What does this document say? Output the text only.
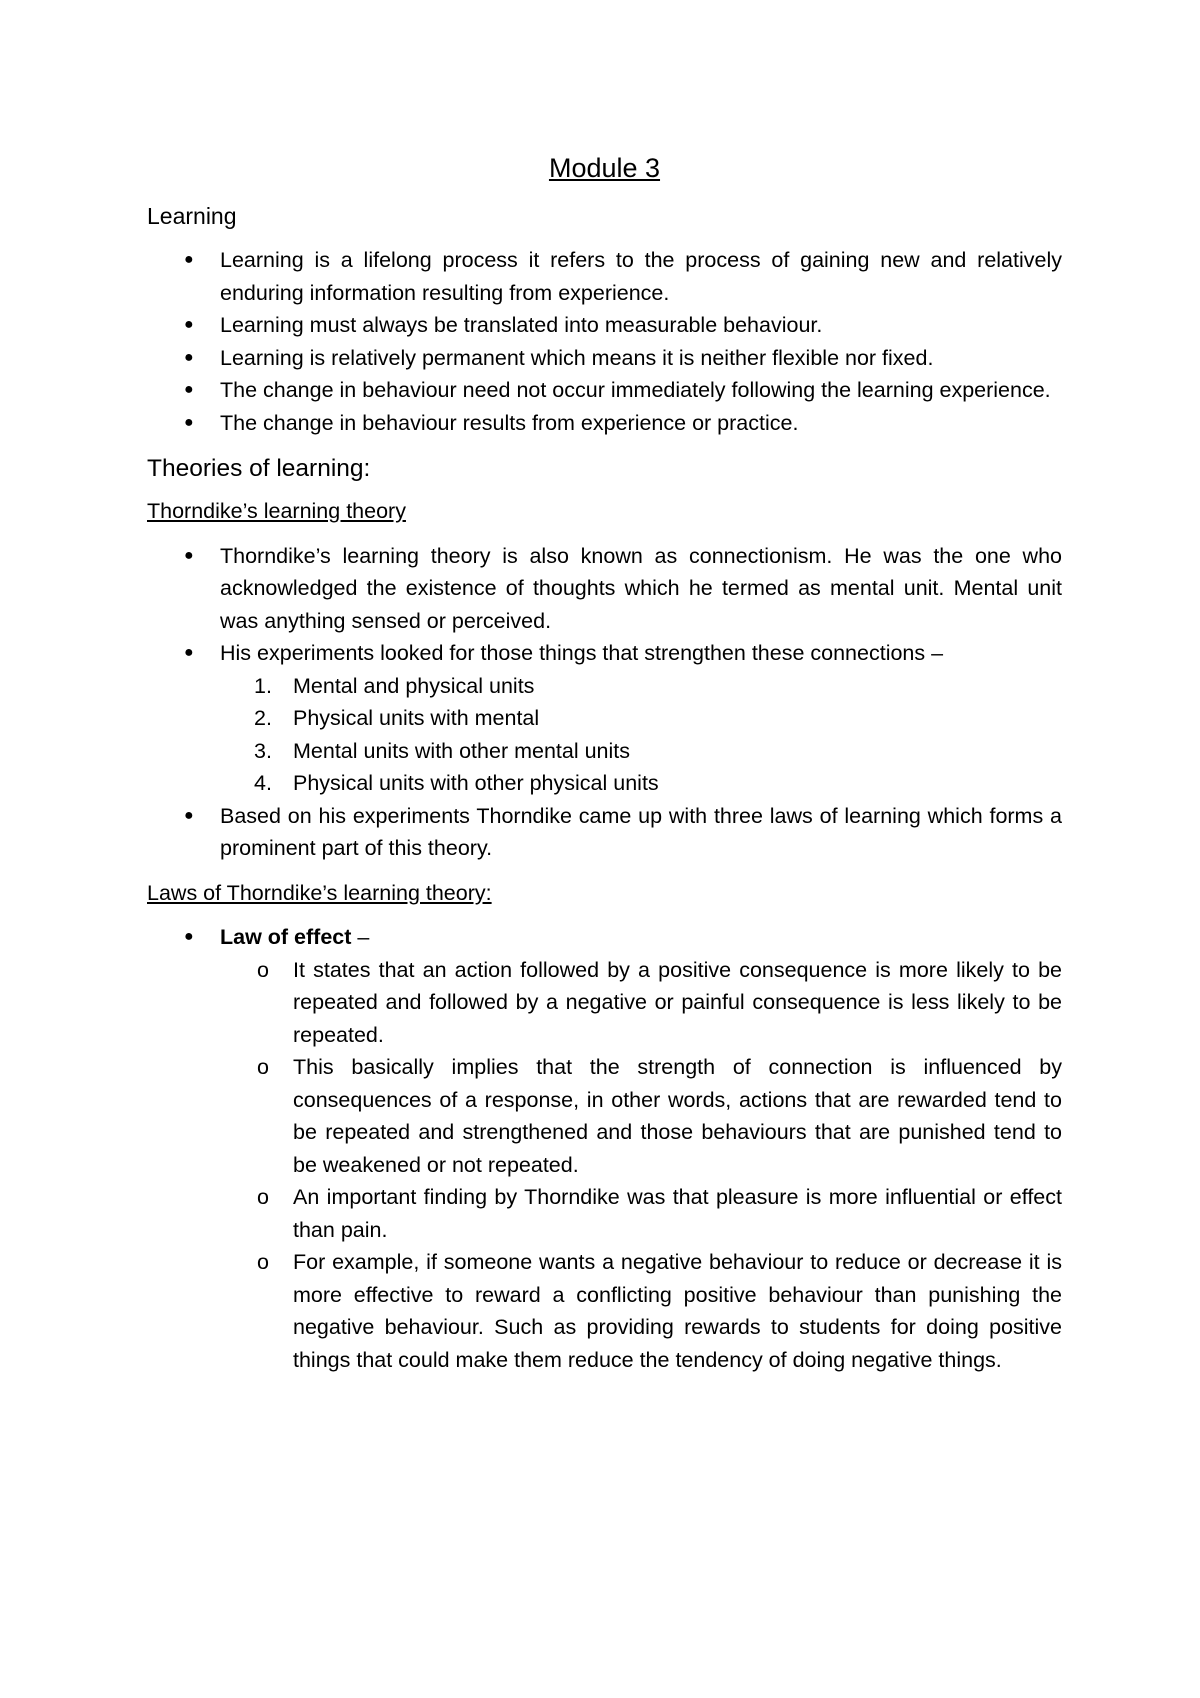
Module 3
Learning
● Learning is a lifelong process it refers to the process of gaining new and relatively enduring information resulting from experience.
● Learning must always be translated into measurable behaviour.
● Learning is relatively permanent which means it is neither flexible nor fixed.
● The change in behaviour need not occur immediately following the learning experience.
● The change in behaviour results from experience or practice.
Theories of learning:
Thorndike’s learning theory
● Thorndike’s learning theory is also known as connectionism. He was the one who acknowledged the existence of thoughts which he termed as mental unit. Mental unit was anything sensed or perceived.
● His experiments looked for those things that strengthen these connections –
1. Mental and physical units
2. Physical units with mental
3. Mental units with other mental units
4. Physical units with other physical units
● Based on his experiments Thorndike came up with three laws of learning which forms a prominent part of this theory.
Laws of Thorndike’s learning theory:
● Law of effect –
o It states that an action followed by a positive consequence is more likely to be repeated and followed by a negative or painful consequence is less likely to be repeated.
o This basically implies that the strength of connection is influenced by consequences of a response, in other words, actions that are rewarded tend to be repeated and strengthened and those behaviours that are punished tend to be weakened or not repeated.
o An important finding by Thorndike was that pleasure is more influential or effect than pain.
o For example, if someone wants a negative behaviour to reduce or decrease it is more effective to reward a conflicting positive behaviour than punishing the negative behaviour. Such as providing rewards to students for doing positive things that could make them reduce the tendency of doing negative things.
